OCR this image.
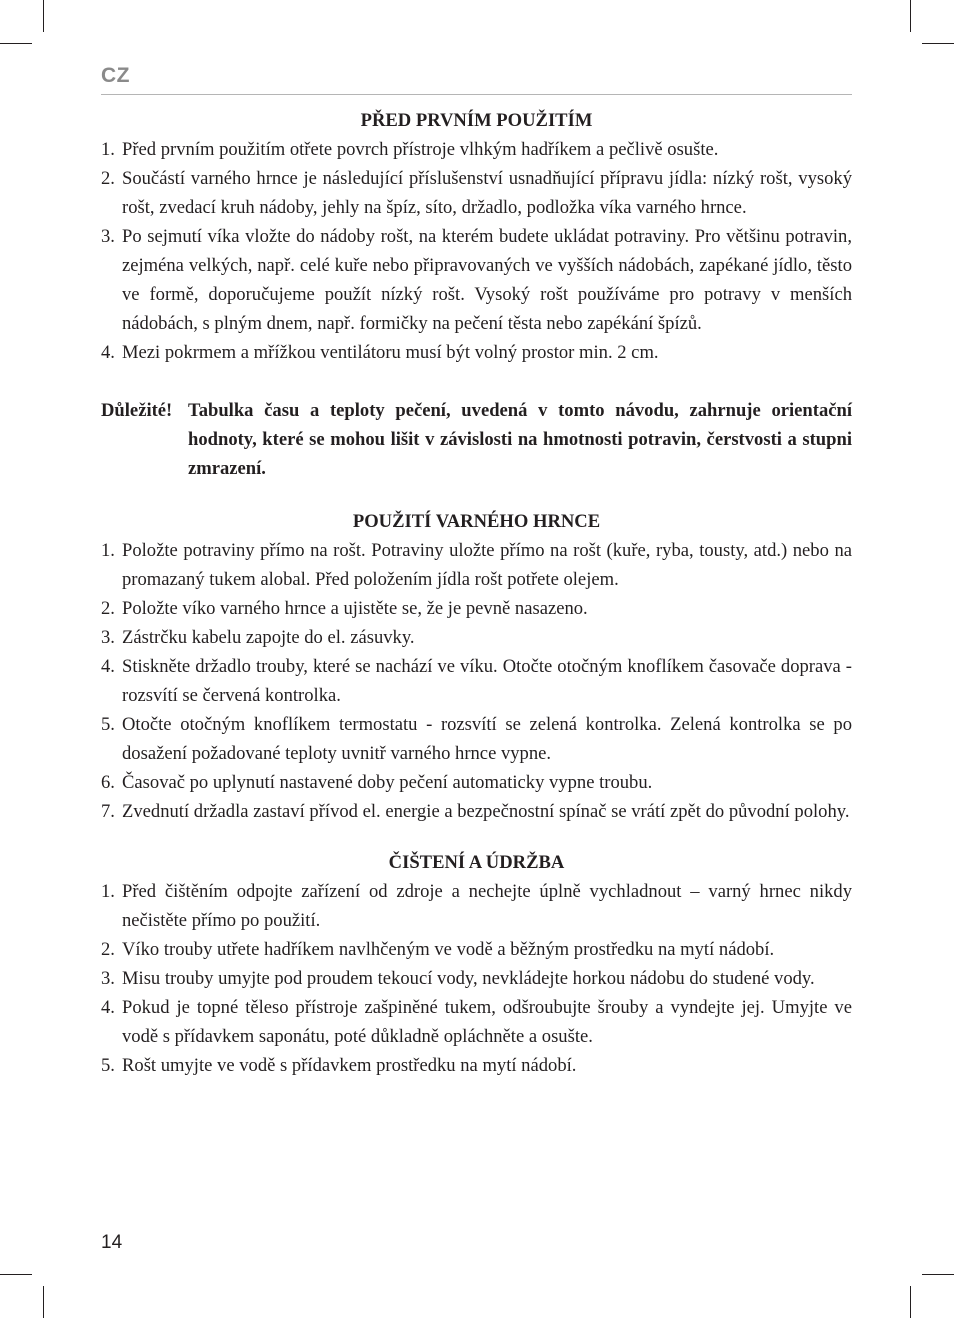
CZ
PŘED PRVNÍM POUŽITÍM
1. Před prvním použitím otřete povrch přístroje vlhkým hadříkem a pečlivě osušte.
2. Součástí varného hrnce je následující příslušenství usnadňující přípravu jídla: nízký rošt, vysoký rošt, zvedací kruh nádoby, jehly na špíz, síto, držadlo, podložka víka varného hrnce.
3. Po sejmutí víka vložte do nádoby rošt, na kterém budete ukládat potraviny. Pro většinu potravin, zejména velkých, např. celé kuře nebo připravovaných ve vyšších nádobách, zapékané jídlo, těsto ve formě, doporučujeme použít nízký rošt. Vysoký rošt používáme pro potravy v menších nádobách, s plným dnem, např. formičky na pečení těsta nebo zapékání špízů.
4. Mezi pokrmem a mřížkou ventilátoru musí být volný prostor min. 2 cm.
Důležité! Tabulka času a teploty pečení, uvedená v tomto návodu, zahrnuje orientační hodnoty, které se mohou lišit v závislosti na hmotnosti potravin, čerstvosti a stupni zmrazení.
POUŽITÍ VARNÉHO HRNCE
1. Položte potraviny přímo na rošt. Potraviny uložte přímo na rošt (kuře, ryba, tousty, atd.) nebo na promazaný tukem alobal. Před položením jídla rošt potřete olejem.
2. Položte víko varného hrnce a ujistěte se, že je pevně nasazeno.
3. Zástrčku kabelu zapojte do el. zásuvky.
4. Stiskněte držadlo trouby, které se nachází ve víku. Otočte otočným knoflíkem časovače doprava - rozsvítí se červená kontrolka.
5. Otočte otočným knoflíkem termostatu - rozsvítí se zelená kontrolka. Zelená kontrolka se po dosažení požadované teploty uvnitř varného hrnce vypne.
6. Časovač po uplynutí nastavené doby pečení automaticky vypne troubu.
7. Zvednutí držadla zastaví přívod el. energie a bezpečnostní spínač se vrátí zpět do původní polohy.
ČIŠTENÍ A ÚDRŽBA
1. Před čištěním odpojte zařízení od zdroje a nechejte úplně vychladnout – varný hrnec nikdy nečistěte přímo po použití.
2. Víko trouby utřete hadříkem navlhčeným ve vodě a běžným prostředku na mytí nádobí.
3. Misu trouby umyjte pod proudem tekoucí vody, nevkládejte horkou nádobu do studené vody.
4. Pokud je topné těleso přístroje zašpiněné tukem, odšroubujte šrouby a vyndejte jej. Umyjte ve vodě s přídavkem saponátu, poté důkladně opláchněte a osušte.
5. Rošt umyjte ve vodě s přídavkem prostředku na mytí nádobí.
14
